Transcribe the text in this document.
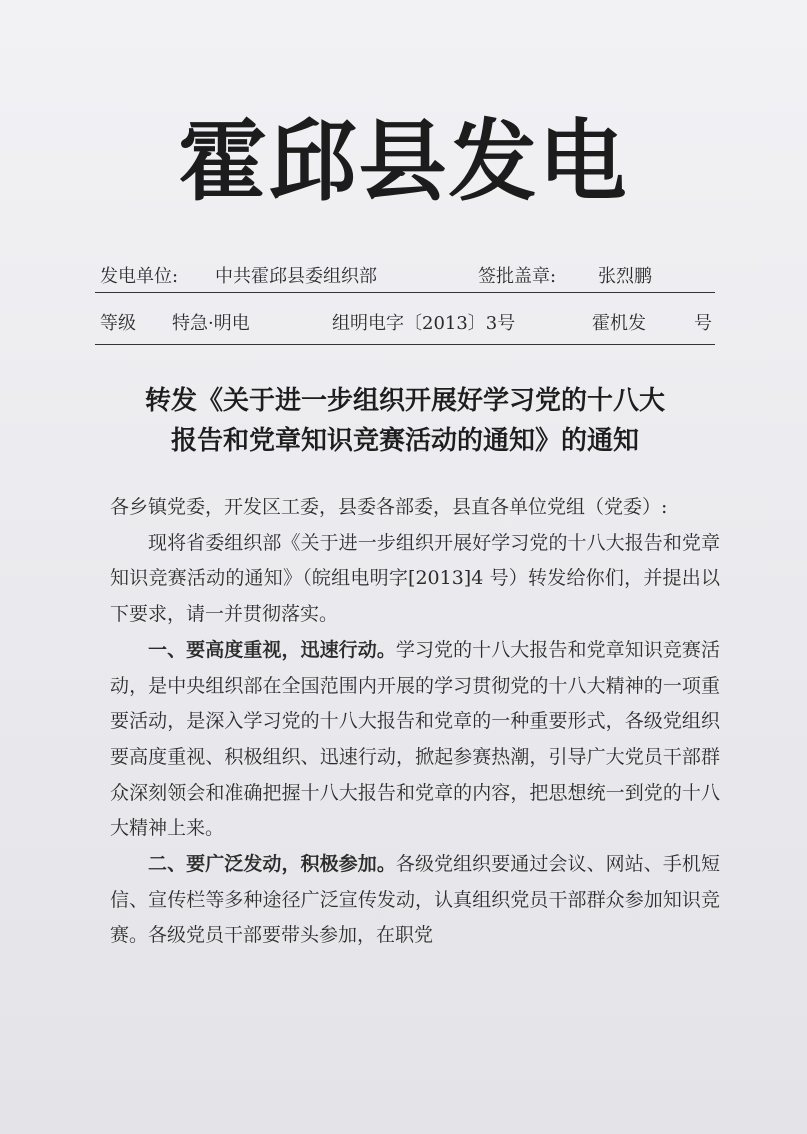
霍邱县发电
发电单位: 中共霍邱县委组织部	签批盖章: 张烈鹏
等级 特急·明电	组明电字〔2013〕3号	霍机发	号
转发《关于进一步组织开展好学习党的十八大
报告和党章知识竞赛活动的通知》的通知

各乡镇党委，开发区工委，县委各部委，县直各单位党组（党委）:

现将省委组织部《关于进一步组织开展好学习党的十八大报告和党章知识竞赛活动的通知》（皖组电明字[2013]4 号）转发给你们，并提出以下要求，请一并贯彻落实。

一、要高度重视，迅速行动。学习党的十八大报告和党章知识竞赛活动，是中央组织部在全国范围内开展的学习贯彻党的十八大精神的一项重要活动，是深入学习党的十八大报告和党章的一种重要形式，各级党组织要高度重视、积极组织、迅速行动，掀起参赛热潮，引导广大党员干部群众深刻领会和准确把握十八大报告和党章的内容，把思想统一到党的十八大精神上来。

二、要广泛发动，积极参加。各级党组织要通过会议、网站、手机短信、宣传栏等多种途径广泛宣传发动，认真组织党员干部群众参加知识竞赛。各级党员干部要带头参加，在职党
